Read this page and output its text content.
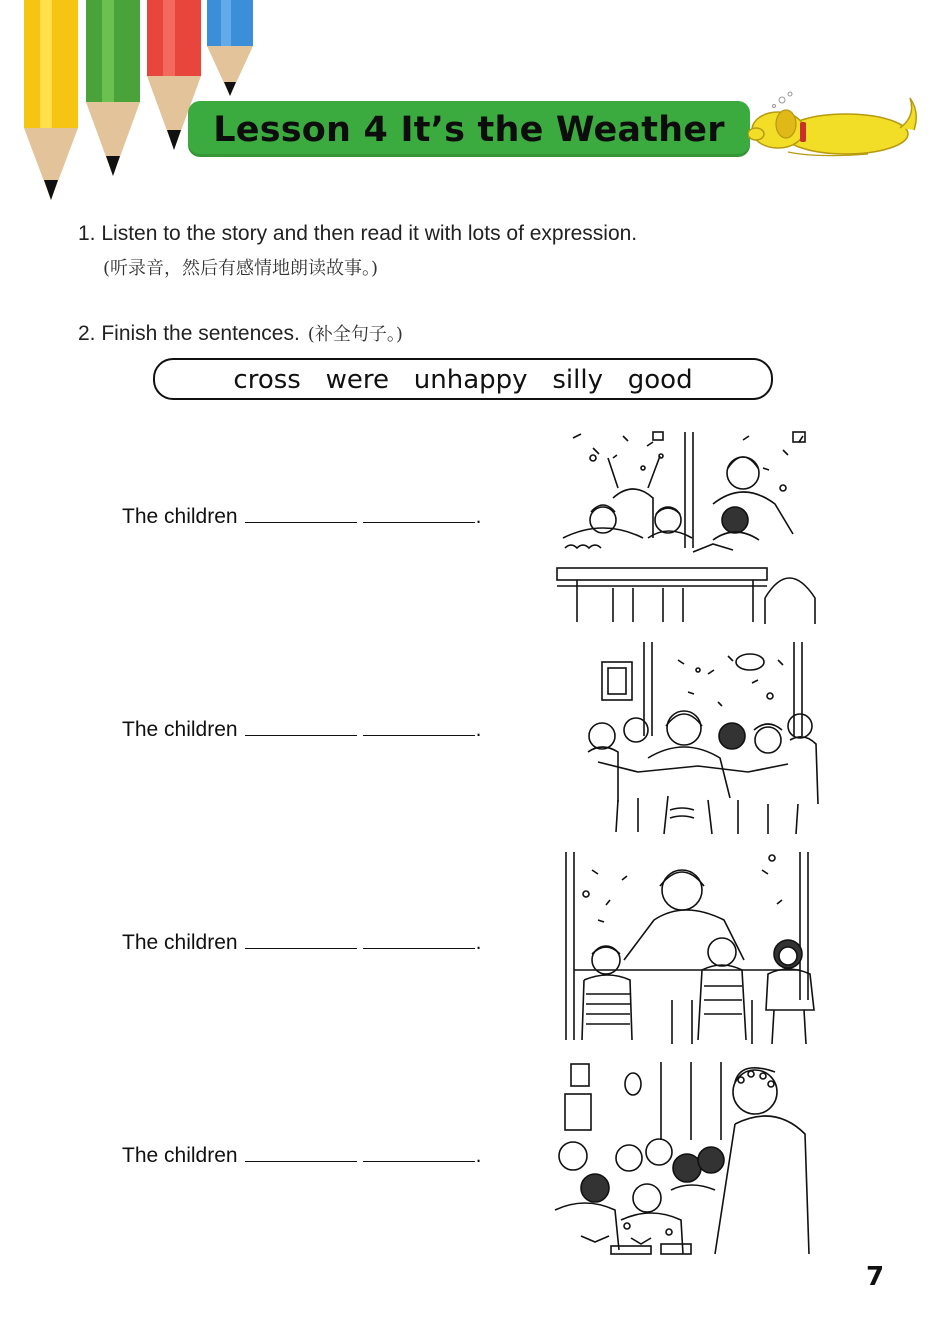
Lesson 4 It’s the Weather
1. Listen to the story and then read it with lots of expression.
(听录音，然后有感情地朗读故事。)
2. Finish the sentences. (补全句子。)
cross   were   unhappy   silly   good
The children	.
The children	.
The children	.
The children	.
7
